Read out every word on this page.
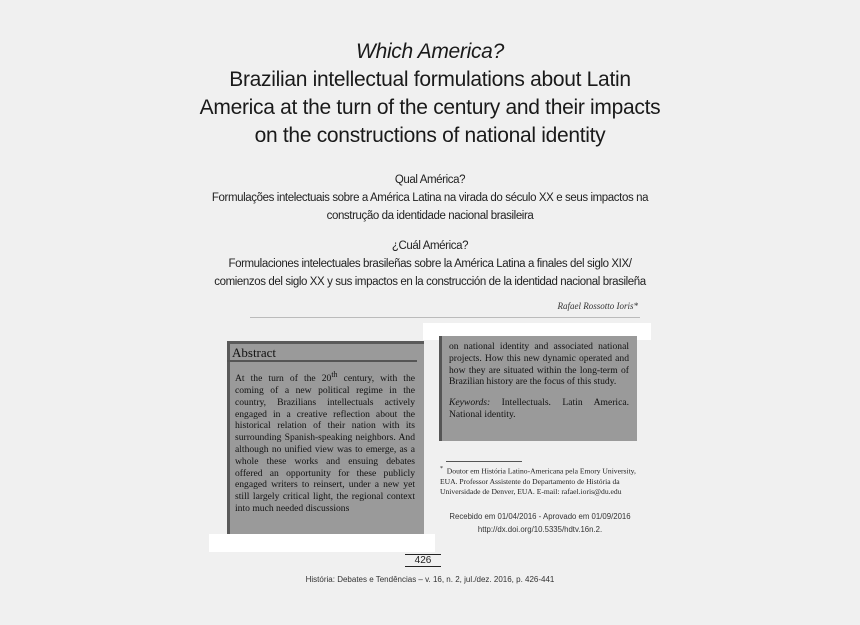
Which America?
Brazilian intellectual formulations about Latin
America at the turn of the century and their impacts
on the constructions of national identity
Qual América?
Formulações intelectuais sobre a América Latina na virada do século XX e seus impactos na
construção da identidade nacional brasileira
¿Cuál América?
Formulaciones intelectuales brasileñas sobre la América Latina a finales del siglo XIX/
comienzos del siglo XX y sus impactos en la construcción de la identidad nacional brasileña
Rafael Rossotto Ioris*
Abstract
At the turn of the 20th century, with the coming of a new political regime in the country, Brazilians intellectuals actively engaged in a creative reflection about the historical relation of their nation with its surrounding Spanish-speaking neighbors. And although no unified view was to emerge, as a whole these works and ensuing debates offered an opportunity for these publicly engaged writers to reinsert, under a new yet still largely critical light, the regional context into much needed discussions
on national identity and associated national projects. How this new dynamic operated and how they are situated within the long-term of Brazilian history are the focus of this study.
Keywords: Intellectuals. Latin America. National identity.
* Doutor em História Latino-Americana pela Emory University, EUA. Professor Assistente do Departamento de História da Universidade de Denver, EUA. E-mail: rafael.ioris@du.edu
Recebido em 01/04/2016 - Aprovado em 01/09/2016
http://dx.doi.org/10.5335/hdtv.16n.2.
426
História: Debates e Tendências – v. 16, n. 2, jul./dez. 2016, p. 426-441
